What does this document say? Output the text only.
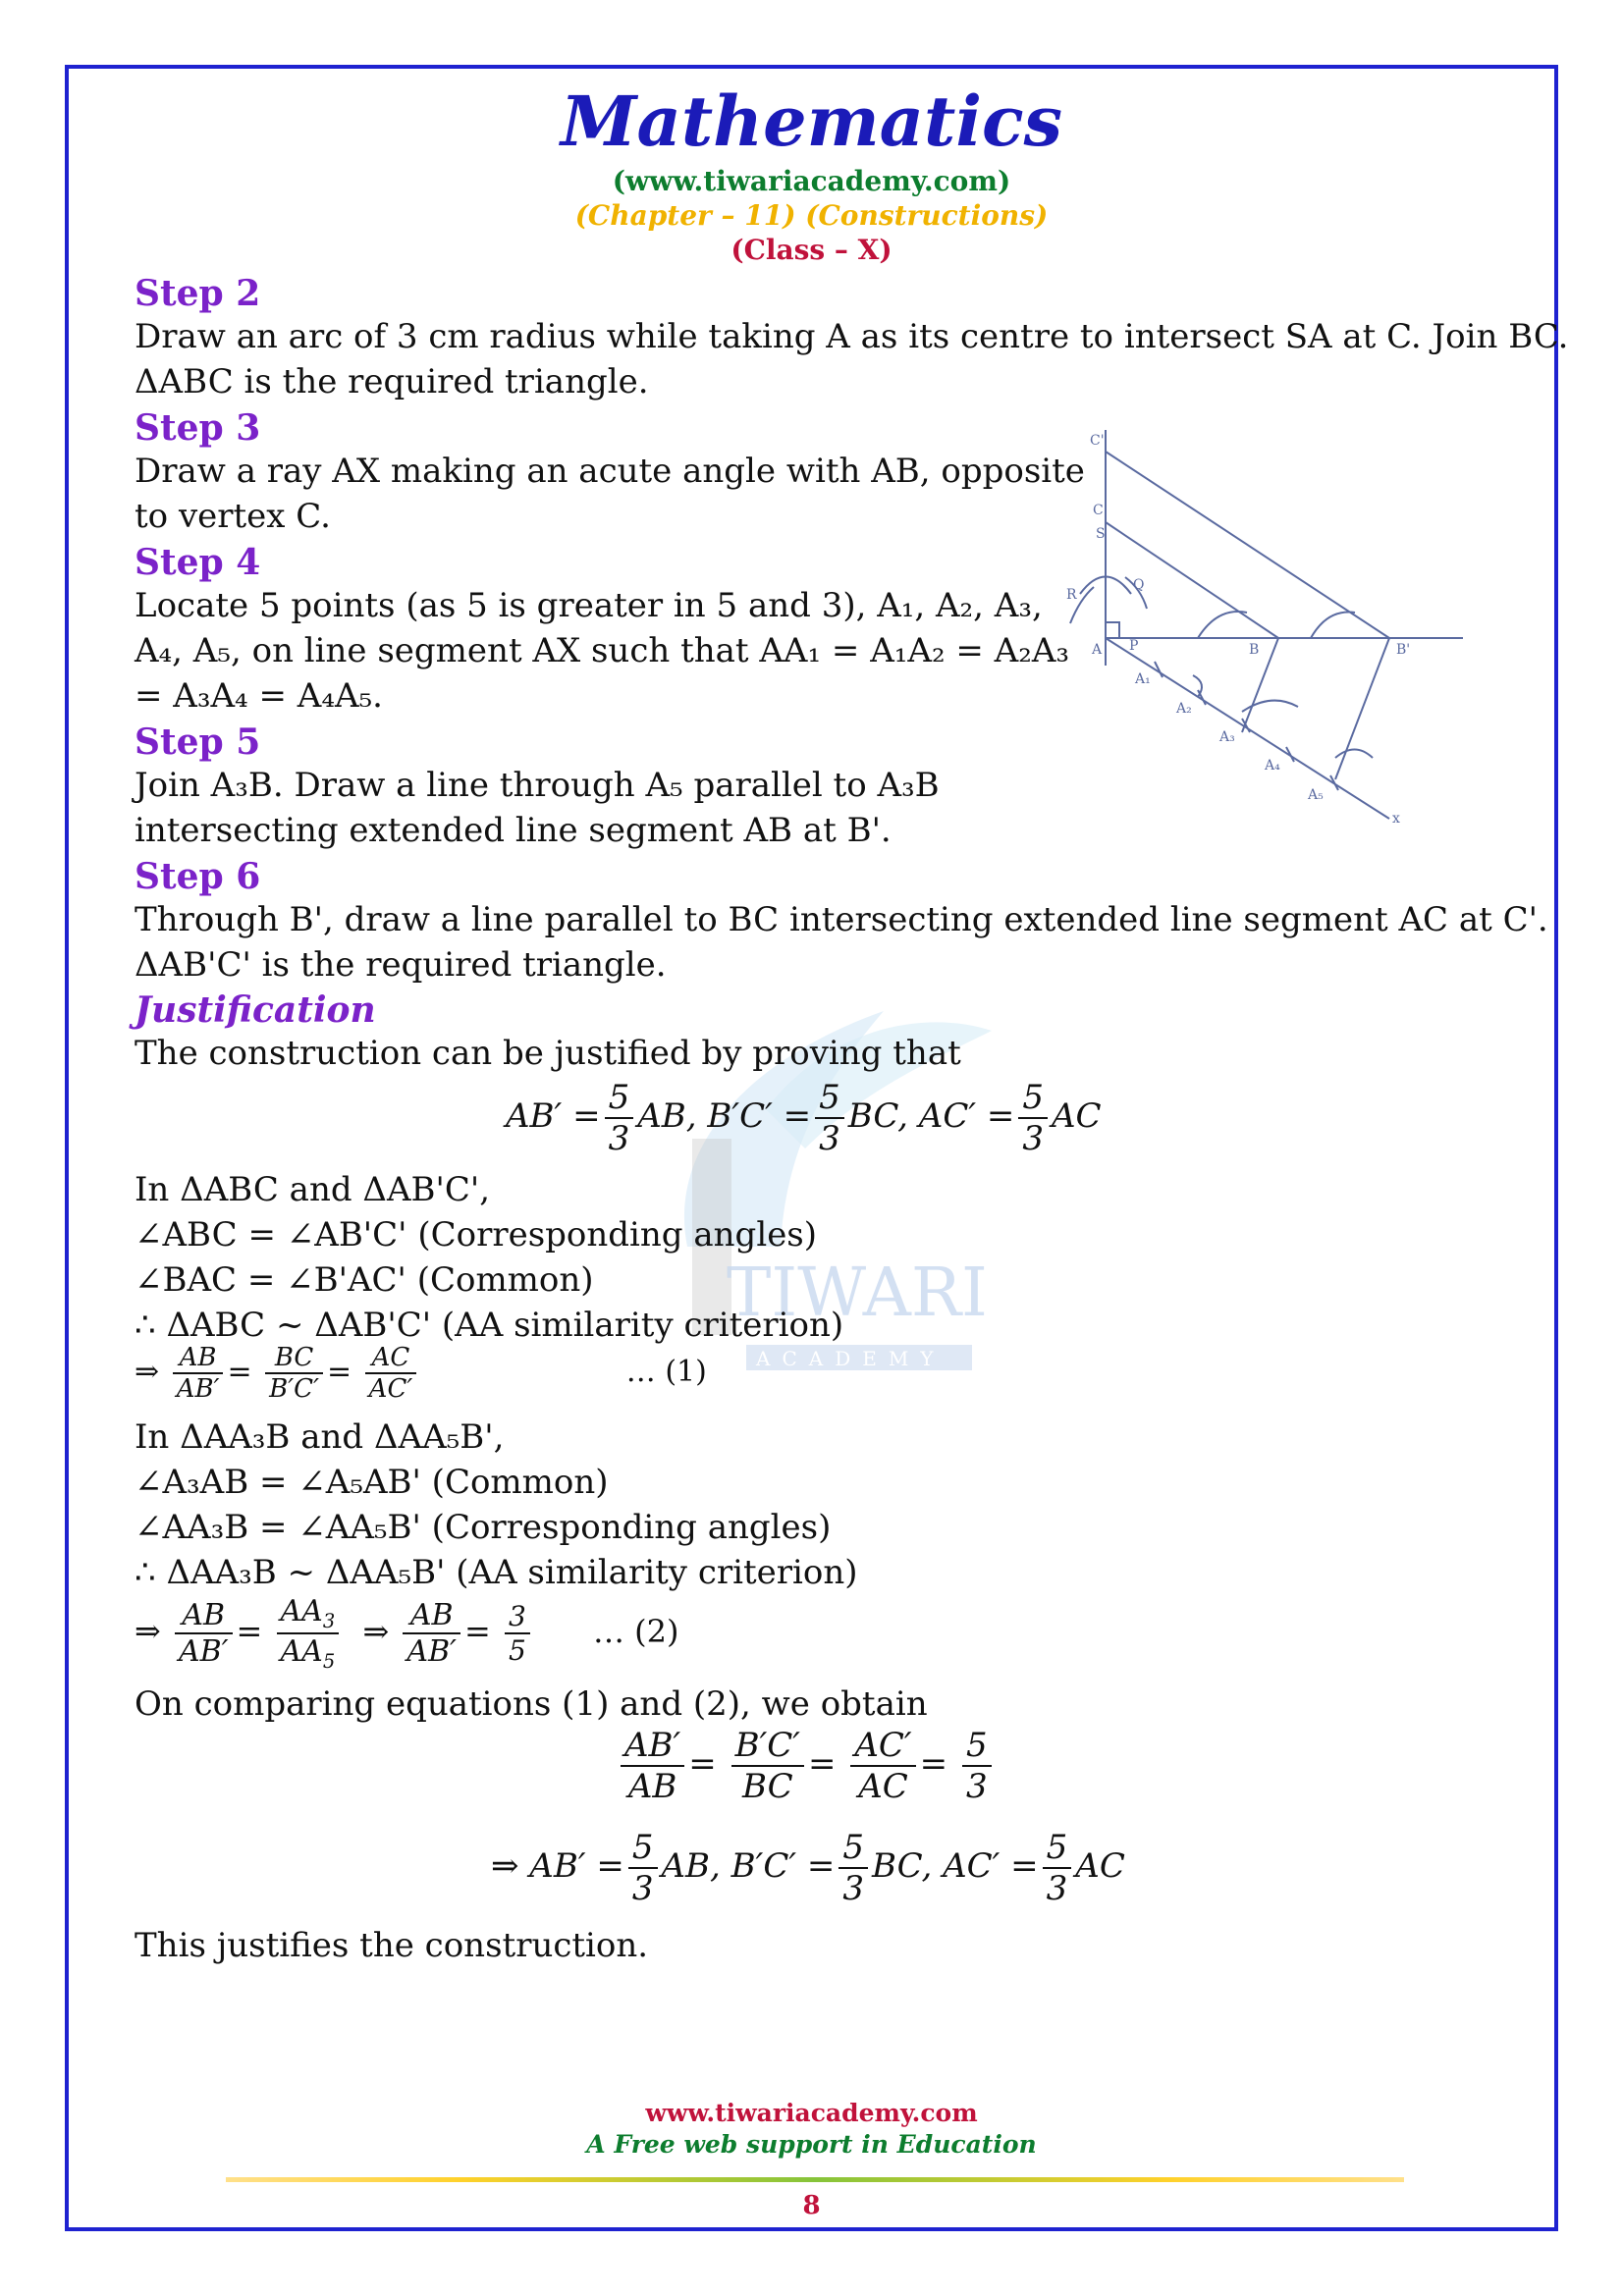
Mathematics
(www.tiwariacademy.com)
(Chapter – 11) (Constructions)
(Class – X)
TIWARI
ACADEMY
Step 2
Draw an arc of 3 cm radius while taking A as its centre to intersect SA at C. Join BC.
ΔABC is the required triangle.
Step 3
Draw a ray AX making an acute angle with AB, opposite
to vertex C.
Step 4
Locate 5 points (as 5 is greater in 5 and 3), A₁, A₂, A₃,
A₄, A₅, on line segment AX such that AA₁ = A₁A₂ = A₂A₃
= A₃A₄ = A₄A₅.
Step 5
Join A₃B. Draw a line through A₅ parallel to A₃B
intersecting extended line segment AB at B'.
Step 6
Through B', draw a line parallel to BC intersecting extended line segment AC at C'.
ΔAB'C' is the required triangle.
C'
C
S
R
Q
A P	B	B'
A₁
A₂
A₃
A₄
A₅
x
Justification
The construction can be justified by proving that
$AB' = \frac{5}{3}$ AB, $B'C' = \frac{5}{3}$ BC, $AC' = \frac{5}{3}$ AC
In ΔABC and ΔAB'C',
∠ABC = ∠AB'C' (Corresponding angles)
∠BAC = ∠B'AC' (Common)
∴ ΔABC ~ ΔAB'C' (AA similarity criterion)
⇒ $\frac{AB}{AB'} = \frac{BC}{B'C'} = \frac{AC}{AC'}$	… (1)
In ΔAA₃B and ΔAA₅B',
∠A₃AB = ∠A₅AB' (Common)
∠AA₃B = ∠AA₅B' (Corresponding angles)
∴ ΔAA₃B ~ ΔAA₅B' (AA similarity criterion)
⇒ $\frac{AB}{AB'} = \frac{AA_3}{AA_5}$ ⇒ $\frac{AB}{AB'} = \frac{3}{5}$ … (2)
On comparing equations (1) and (2), we obtain
$\frac{AB'}{AB} = \frac{B'C'}{BC} = \frac{AC'}{AC} = \frac{5}{3}$
⇒ $AB' = \frac{5}{3}$ AB, $B'C' = \frac{5}{3}$ BC, $AC' = \frac{5}{3}$ AC
This justifies the construction.
www.tiwariacademy.com
A Free web support in Education
8
